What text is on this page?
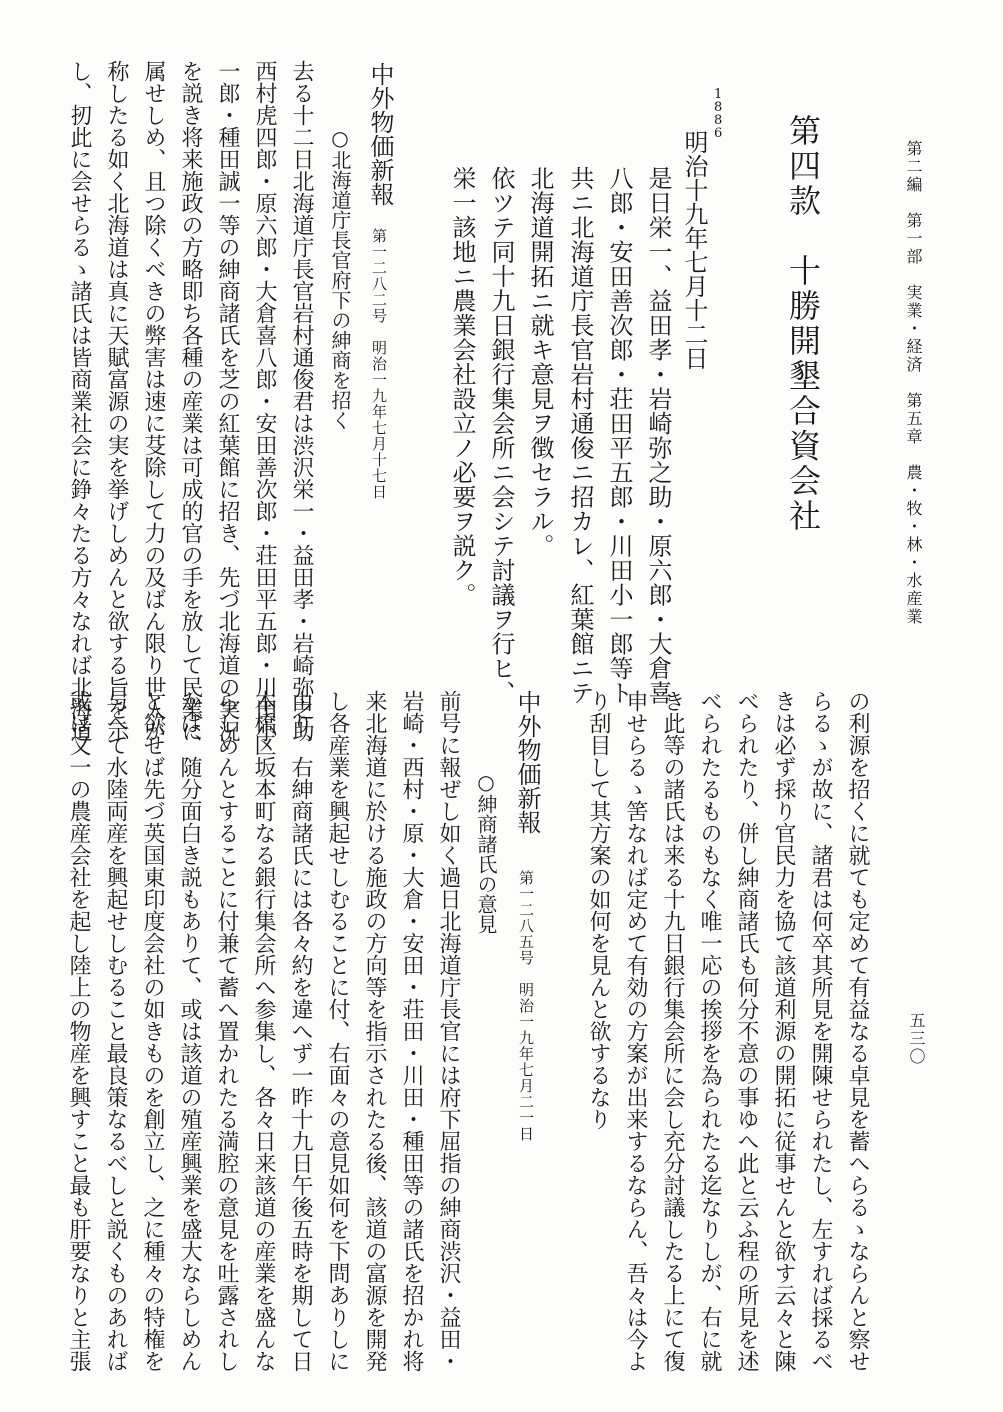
第二編　第一部　実業・経済　第五章　農・牧・林・水産業
五三〇
第四款　十勝開墾合資会社
1886
明治十九年七月十二日
是日栄一、益田孝・岩崎弥之助・原六郎・大倉喜
八郎・安田善次郎・荘田平五郎・川田小一郎等ト
共ニ北海道庁長官岩村通俊ニ招カレ、紅葉館ニテ
北海道開拓ニ就キ意見ヲ徴セラル。
依ツテ同十九日銀行集会所ニ会シテ討議ヲ行ヒ、
栄一該地ニ農業会社設立ノ必要ヲ説ク。
中外物価新報
第一二八二号　明治一九年七月十七日
○北海道庁長官府下の紳商を招く
去る十二日北海道庁長官岩村通俊君は渋沢栄一・益田孝・岩崎弥之助
西村虎四郎・原六郎・大倉喜八郎・安田善次郎・荘田平五郎・川田小
一郎・種田誠一等の紳商諸氏を芝の紅葉館に招き、先づ北海道の実況
を説き将来施政の方略即ち各種の産業は可成的官の手を放して民業に
属せしめ、且つ除くべきの弊害は速に芟除して力の及ばん限り世人が
称したる如く北海道は真に天賦富源の実を挙げしめんと欲する旨を示
し、扨此に会せらるゝ諸氏は皆商業社会に錚々たる方々なれば北海道
の利源を招くに就ても定めて有益なる卓見を蓄へらるゝならんと察せ
らるゝが故に、諸君は何卒其所見を開陳せられたし、左すれば採るべ
きは必ず採り官民力を協て該道利源の開拓に従事せんと欲す云々と陳
べられたり、併し紳商諸氏も何分不意の事ゆへ此と云ふ程の所見を述
べられたるものもなく唯一応の挨拶を為られたる迄なりしが、右に就
き此等の諸氏は来る十九日銀行集会所に会し充分討議したる上にて復
申せらるゝ筈なれば定めて有効の方案が出来するならん、吾々は今よ
り刮目して其方案の如何を見んと欲するなり
中外物価新報
第一二八五号　明治一九年七月二一日
○紳商諸氏の意見
前号に報ぜし如く過日北海道庁長官には府下屈指の紳商渋沢・益田・
岩崎・西村・原・大倉・安田・荘田・川田・種田等の諸氏を招かれ将
来北海道に於ける施政の方向等を指示されたる後、該道の富源を開発
し各産業を興起せしむることに付、右面々の意見如何を下問ありしに
由り、右紳商諸氏には各々約を違へず一昨十九日午後五時を期して日
本橋区坂本町なる銀行集会所へ参集し、各々日来該道の産業を盛んな
らしめんとすることに付兼て蓄へ置かれたる満腔の意見を吐露されし
かば、随分面白き説もありて、或は該道の殖産興業を盛大ならしめん
と欲せば先づ英国東印度会社の如きものを創立し、之に種々の特権を
与へて水陸両産を興起せしむること最良策なるべしと説くものあれば
或は又一の農産会社を起し陸上の物産を興すこと最も肝要なりと主張
